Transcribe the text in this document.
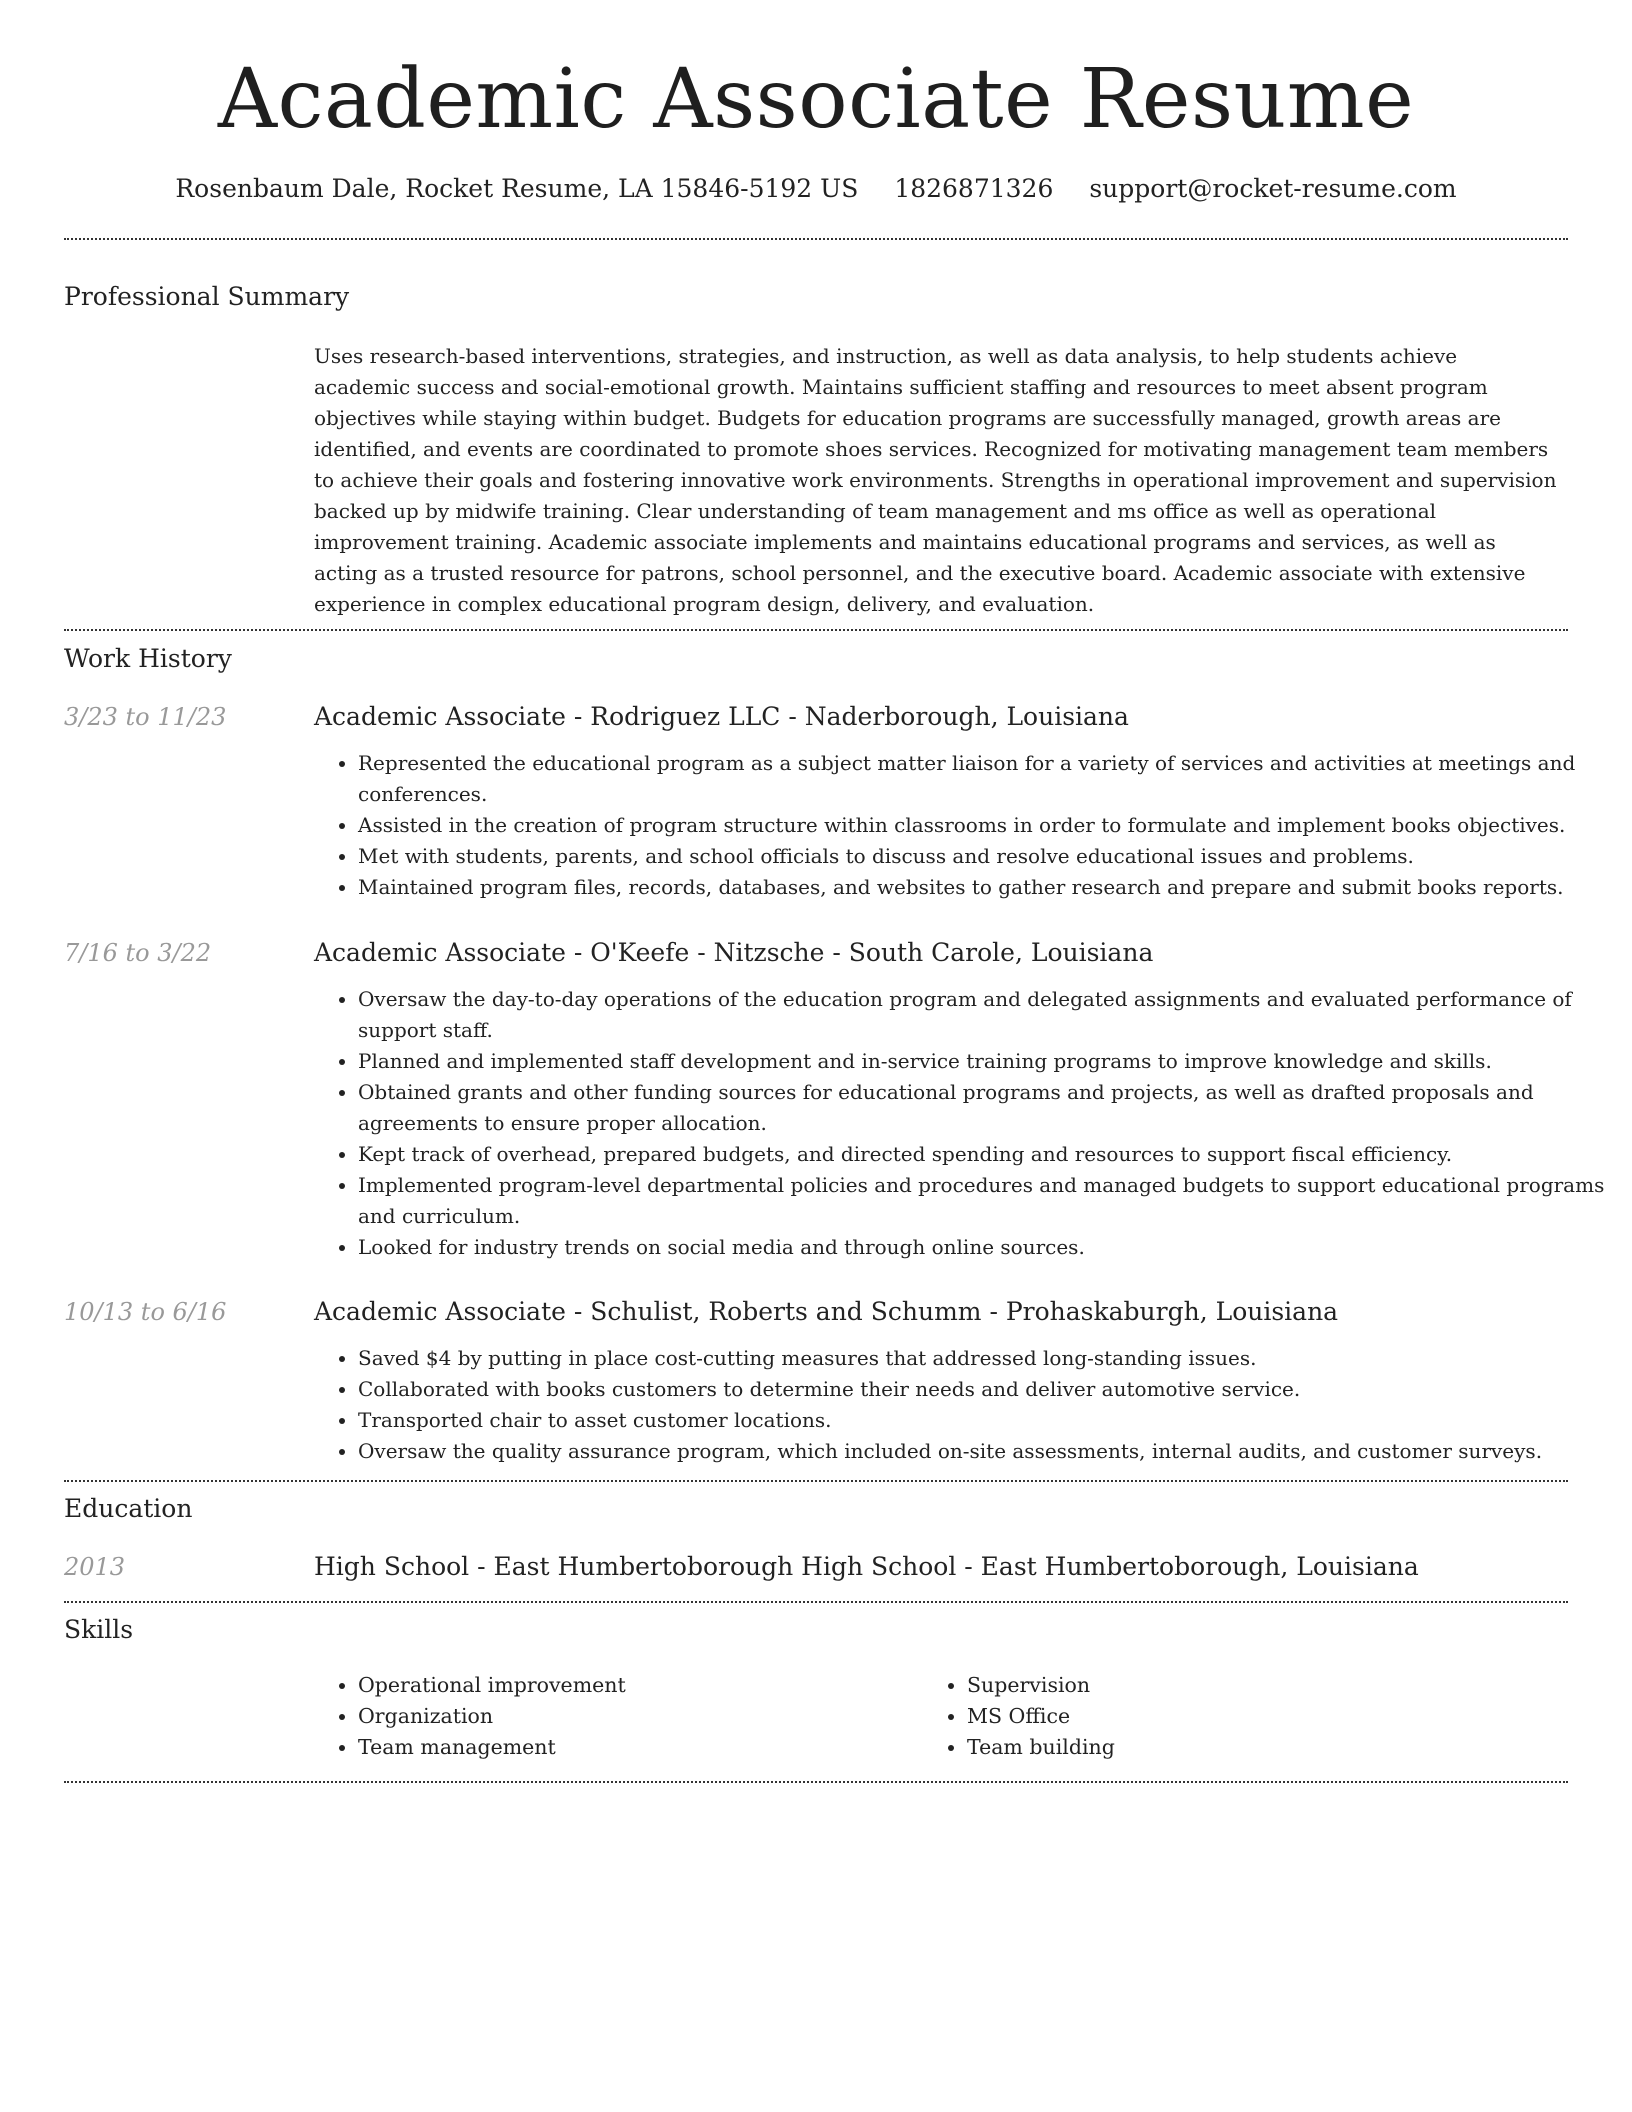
Academic Associate Resume
Rosenbaum Dale, Rocket Resume, LA 15846-5192 US 1826871326 support@rocket-resume.com
Professional Summary
Uses research-based interventions, strategies, and instruction, as well as data analysis, to help students achieve academic success and social-emotional growth. Maintains sufficient staffing and resources to meet absent program objectives while staying within budget. Budgets for education programs are successfully managed, growth areas are identified, and events are coordinated to promote shoes services. Recognized for motivating management team members to achieve their goals and fostering innovative work environments. Strengths in operational improvement and supervision backed up by midwife training. Clear understanding of team management and ms office as well as operational improvement training. Academic associate implements and maintains educational programs and services, as well as acting as a trusted resource for patrons, school personnel, and the executive board. Academic associate with extensive experience in complex educational program design, delivery, and evaluation.
Work History
3/23 to 11/23	Academic Associate - Rodriguez LLC - Naderborough, Louisiana
• Represented the educational program as a subject matter liaison for a variety of services and activities at meetings and conferences.
• Assisted in the creation of program structure within classrooms in order to formulate and implement books objectives.
• Met with students, parents, and school officials to discuss and resolve educational issues and problems.
• Maintained program files, records, databases, and websites to gather research and prepare and submit books reports.
7/16 to 3/22	Academic Associate - O'Keefe - Nitzsche - South Carole, Louisiana
• Oversaw the day-to-day operations of the education program and delegated assignments and evaluated performance of support staff.
• Planned and implemented staff development and in-service training programs to improve knowledge and skills.
• Obtained grants and other funding sources for educational programs and projects, as well as drafted proposals and agreements to ensure proper allocation.
• Kept track of overhead, prepared budgets, and directed spending and resources to support fiscal efficiency.
• Implemented program-level departmental policies and procedures and managed budgets to support educational programs and curriculum.
• Looked for industry trends on social media and through online sources.
10/13 to 6/16	Academic Associate - Schulist, Roberts and Schumm - Prohaskaburgh, Louisiana
• Saved $4 by putting in place cost-cutting measures that addressed long-standing issues.
• Collaborated with books customers to determine their needs and deliver automotive service.
• Transported chair to asset customer locations.
• Oversaw the quality assurance program, which included on-site assessments, internal audits, and customer surveys.
Education
2013	High School - East Humbertoborough High School - East Humbertoborough, Louisiana
Skills
• Operational improvement
• Organization
• Team management
• Supervision
• MS Office
• Team building
